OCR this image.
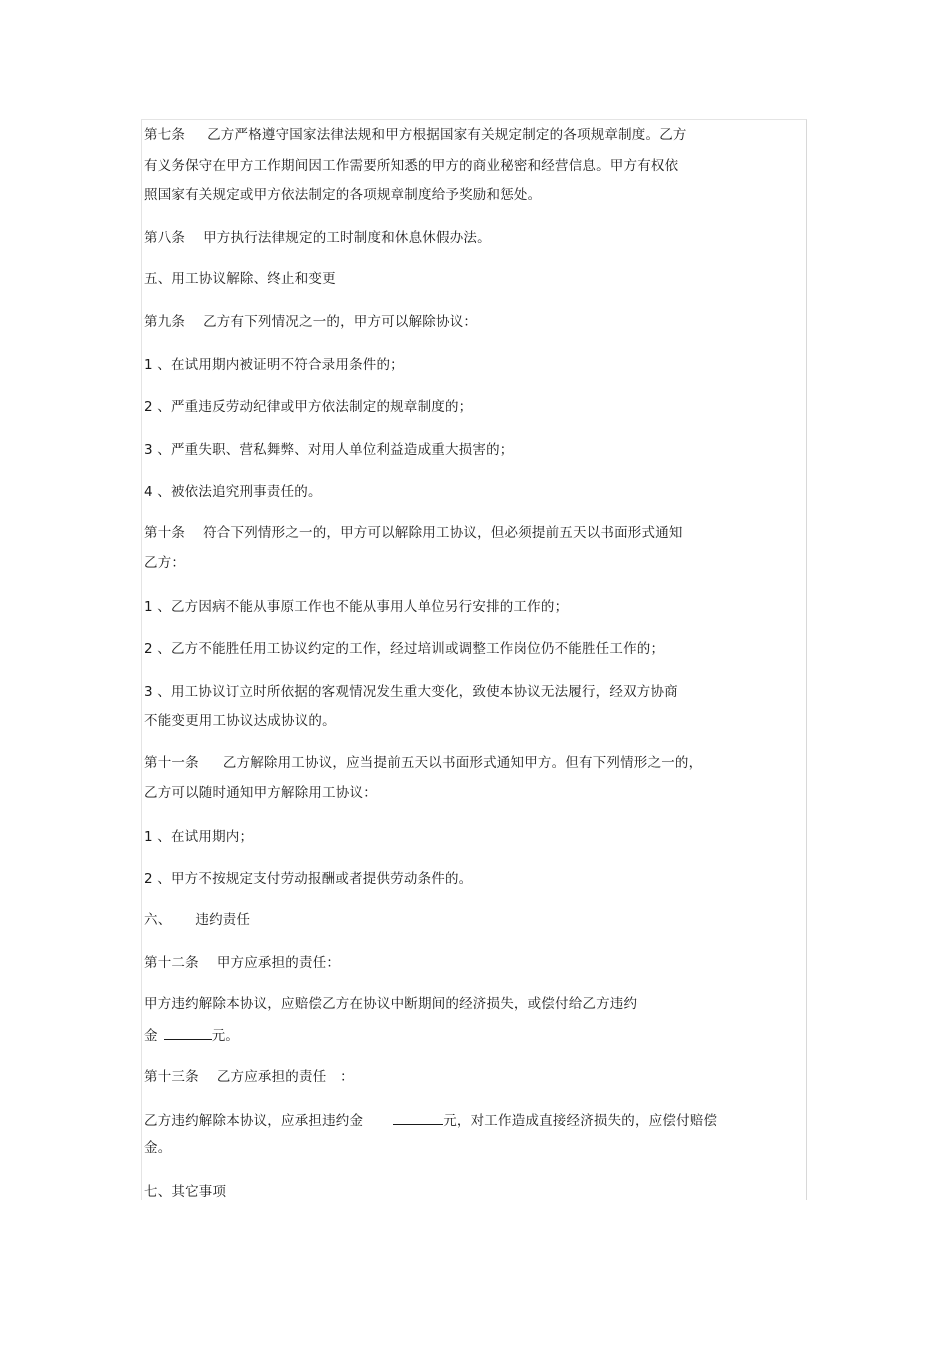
第七条 乙方严格遵守国家法律法规和甲方根据国家有关规定制定的各项规章制度。乙方
有义务保守在甲方工作期间因工作需要所知悉的甲方的商业秘密和经营信息。甲方有权依
照国家有关规定或甲方依法制定的各项规章制度给予奖励和惩处。
第八条 甲方执行法律规定的工时制度和休息休假办法。
五、用工协议解除、终止和变更
第九条 乙方有下列情况之一的，甲方可以解除协议：
1 、在试用期内被证明不符合录用条件的；
2 、严重违反劳动纪律或甲方依法制定的规章制度的；
3 、严重失职、营私舞弊、对用人单位利益造成重大损害的；
4 、被依法追究刑事责任的。
第十条 符合下列情形之一的，甲方可以解除用工协议，但必须提前五天以书面形式通知
乙方：
1 、乙方因病不能从事原工作也不能从事用人单位另行安排的工作的；
2 、乙方不能胜任用工协议约定的工作，经过培训或调整工作岗位仍不能胜任工作的；
3 、用工协议订立时所依据的客观情况发生重大变化，致使本协议无法履行，经双方协商
不能变更用工协议达成协议的。
第十一条 乙方解除用工协议，应当提前五天以书面形式通知甲方。但有下列情形之一的，
乙方可以随时通知甲方解除用工协议：
1 、在试用期内；
2 、甲方不按规定支付劳动报酬或者提供劳动条件的。
六、 违约责任
第十二条 甲方应承担的责任：
甲方违约解除本协议，应赔偿乙方在协议中断期间的经济损失，或偿付给乙方违约
金	元。
第十三条 乙方应承担的责任　：
乙方违约解除本协议，应承担违约金	元，对工作造成直接经济损失的，应偿付赔偿
金。
七、其它事项
